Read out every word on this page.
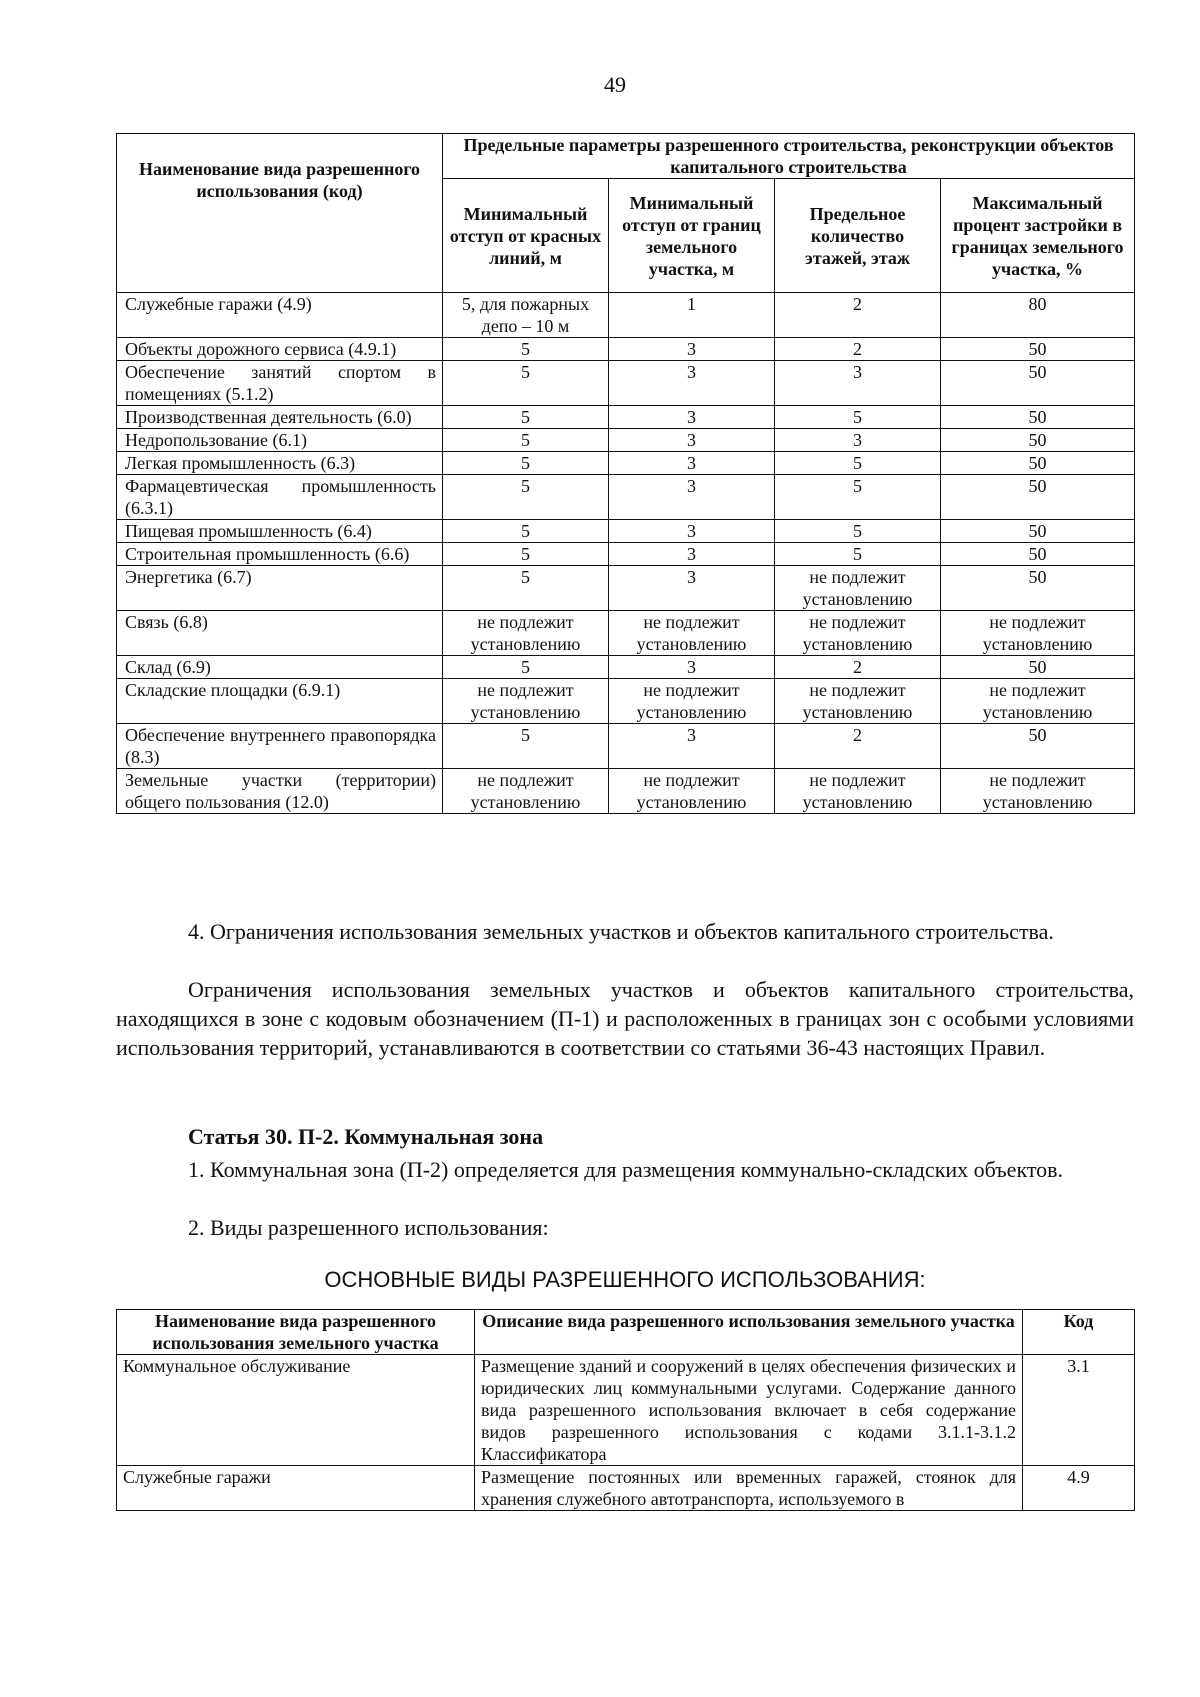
49
Наименование вида разрешенного использования (код)	Предельные параметры разрешенного строительства, реконструкции объектов капитального строительства			
	Минимальный отступ от красных линий, м	Минимальный отступ от границ земельного участка, м	Предельное количество этажей, этаж	Максимальный процент застройки в границах земельного участка, %
Служебные гаражи (4.9)	5, для пожарных депо – 10 м	1	2	80
Объекты дорожного сервиса (4.9.1)	5	3	2	50
Обеспечение занятий спортом в помещениях (5.1.2)	5	3	3	50
Производственная деятельность (6.0)	5	3	5	50
Недропользование (6.1)	5	3	3	50
Легкая промышленность (6.3)	5	3	5	50
Фармацевтическая промышленность (6.3.1)	5	3	5	50
Пищевая промышленность (6.4)	5	3	5	50
Строительная промышленность (6.6)	5	3	5	50
Энергетика (6.7)	5	3	не подлежит установлению	50
Связь (6.8)	не подлежит установлению	не подлежит установлению	не подлежит установлению	не подлежит установлению
Склад (6.9)	5	3	2	50
Складские площадки (6.9.1)	не подлежит установлению	не подлежит установлению	не подлежит установлению	не подлежит установлению
Обеспечение внутреннего правопорядка (8.3)	5	3	2	50
Земельные участки (территории) общего пользования (12.0)	не подлежит установлению	не подлежит установлению	не подлежит установлению	не подлежит установлению

4. Ограничения использования земельных участков и объектов капитального строительства.

Ограничения использования земельных участков и объектов капитального строительства, находящихся в зоне с кодовым обозначением (П-1) и расположенных в границах зон с особыми условиями использования территорий, устанавливаются в соответствии со статьями 36-43 настоящих Правил.

Статья 30. П-2. Коммунальная зона

1. Коммунальная зона (П-2) определяется для размещения коммунально-складских объектов.

2. Виды разрешенного использования:

ОСНОВНЫЕ ВИДЫ РАЗРЕШЕННОГО ИСПОЛЬЗОВАНИЯ:
Наименование вида разрешенного использования земельного участка	Описание вида разрешенного использования земельного участка	Код
Коммунальное обслуживание	Размещение зданий и сооружений в целях обеспечения физических и юридических лиц коммунальными услугами. Содержание данного вида разрешенного использования включает в себя содержание видов разрешенного использования с кодами 3.1.1-3.1.2 Классификатора	3.1
Служебные гаражи	Размещение постоянных или временных гаражей, стоянок для хранения служебного автотранспорта, используемого в	4.9
